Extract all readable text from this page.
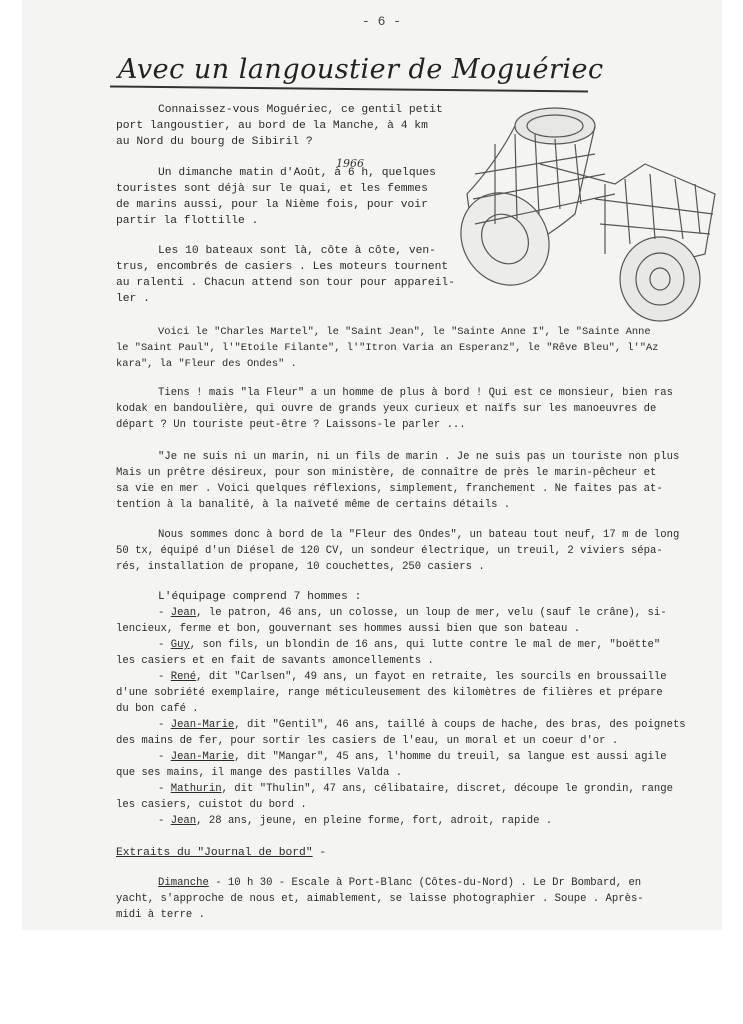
- 6 -
Avec un langoustier de Moguériec
1966

Connaissez-vous Moguériec, ce gentil petit

port langoustier, au bord de la Manche, à 4 km

au Nord du bourg de Sibiril ?

Un dimanche matin d'Août, à 6 h, quelques

touristes sont déjà sur le quai, et les femmes

de marins aussi, pour la Nième fois, pour voir

partir la flottille .

Les 10 bateaux sont là, côte à côte, ven-

trus, encombrés de casiers . Les moteurs tournent

au ralenti . Chacun attend son tour pour appareil-

ler .

Voici le "Charles Martel", le "Saint Jean", le "Sainte Anne I", le "Sainte Anne

le "Saint Paul", l'"Etoile Filante", l'"Itron Varia an Esperanz", le "Rêve Bleu", l'"Az

kara", la "Fleur des Ondes" .

Tiens ! mais "la Fleur" a un homme de plus à bord ! Qui est ce monsieur, bien ras

kodak en bandoulière, qui ouvre de grands yeux curieux et naïfs sur les manoeuvres de

départ ? Un touriste peut-être ? Laissons-le parler ...

"Je ne suis ni un marin, ni un fils de marin . Je ne suis pas un touriste non plus

Mais un prêtre désireux, pour son ministère, de connaître de près le marin-pêcheur et

sa vie en mer . Voici quelques réflexions, simplement, franchement . Ne faites pas at-

tention à la banalité, à la naïveté même de certains détails .

Nous sommes donc à bord de la "Fleur des Ondes", un bateau tout neuf, 17 m de long

50 tx, équipé d'un Diésel de 120 CV, un sondeur électrique, un treuil, 2 viviers sépa-

rés, installation de propane, 10 couchettes, 250 casiers .

L'équipage comprend 7 hommes :

- Jean, le patron, 46 ans, un colosse, un loup de mer, velu (sauf le crâne), si-

lencieux, ferme et bon, gouvernant ses hommes aussi bien que son bateau .

- Guy, son fils, un blondin de 16 ans, qui lutte contre le mal de mer, "boëtte"

les casiers et en fait de savants amoncellements .

- René, dit "Carlsen", 49 ans, un fayot en retraite, les sourcils en broussaille

d'une sobriété exemplaire, range méticuleusement des kilomètres de filières et prépare

du bon café .

- Jean-Marie, dit "Gentil", 46 ans, taillé à coups de hache, des bras, des poignets

des mains de fer, pour sortir les casiers de l'eau, un moral et un coeur d'or .

- Jean-Marie, dit "Mangar", 45 ans, l'homme du treuil, sa langue est aussi agile

que ses mains, il mange des pastilles Valda .

- Mathurin, dit "Thulin", 47 ans, célibataire, discret, découpe le grondin, range

les casiers, cuistot du bord .

- Jean, 28 ans, jeune, en pleine forme, fort, adroit, rapide .

Extraits du "Journal de bord" -

Dimanche - 10 h 30 - Escale à Port-Blanc (Côtes-du-Nord) . Le Dr Bombard, en

yacht, s'approche de nous et, aimablement, se laisse photographier . Soupe . Après-

midi à terre .
